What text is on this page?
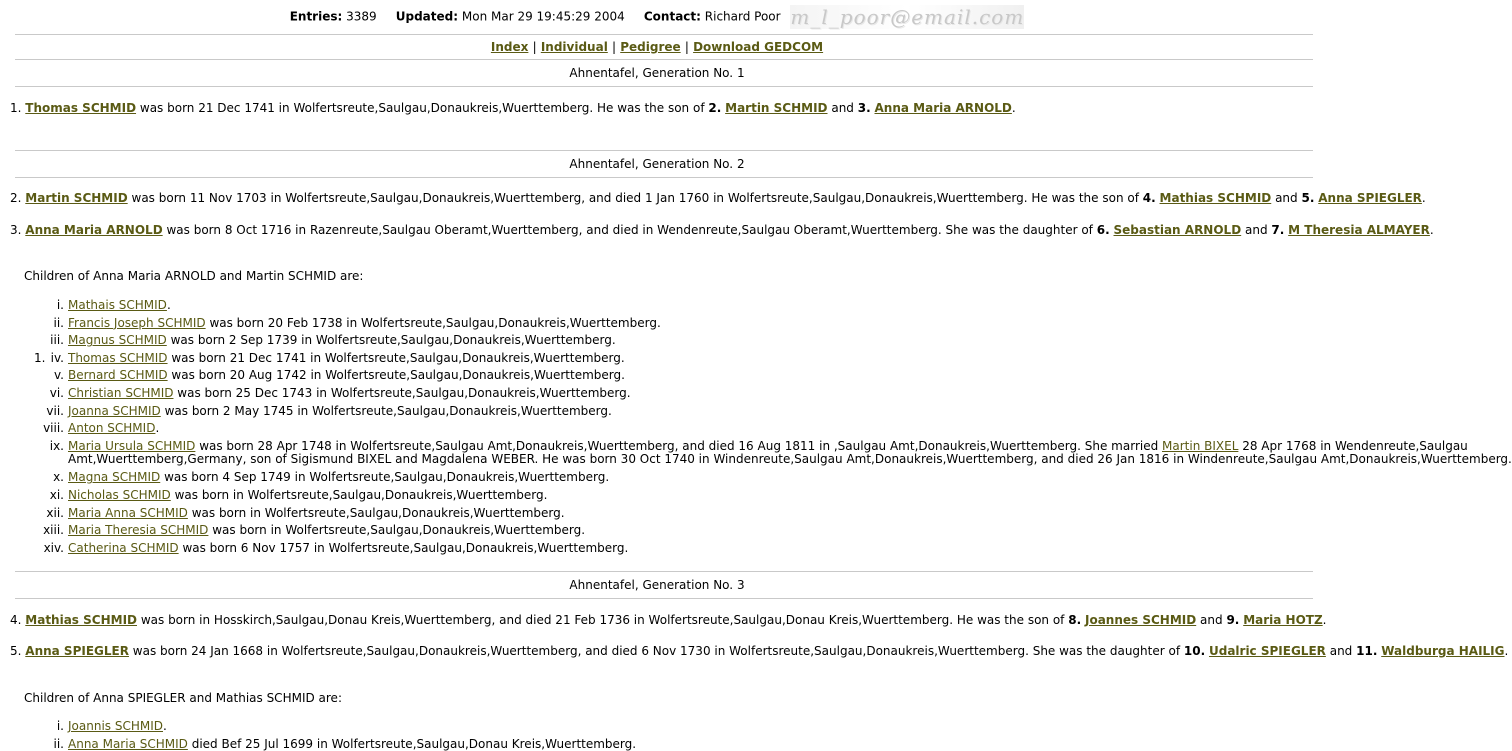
Entries: 3389 Updated: Mon Mar 29 19:45:29 2004 Contact: Richard Poor m_l_poor@email.com
Index | Individual | Pedigree | Download GEDCOM
Ahnentafel, Generation No. 1
1. Thomas SCHMID was born 21 Dec 1741 in Wolfertsreute,Saulgau,Donaukreis,Wuerttemberg. He was the son of 2. Martin SCHMID and 3. Anna Maria ARNOLD.
Ahnentafel, Generation No. 2
2. Martin SCHMID was born 11 Nov 1703 in Wolfertsreute,Saulgau,Donaukreis,Wuerttemberg, and died 1 Jan 1760 in Wolfertsreute,Saulgau,Donaukreis,Wuerttemberg. He was the son of 4. Mathias SCHMID and 5. Anna SPIEGLER.
3. Anna Maria ARNOLD was born 8 Oct 1716 in Razenreute,Saulgau Oberamt,Wuerttemberg, and died in Wendenreute,Saulgau Oberamt,Wuerttemberg. She was the daughter of 6. Sebastian ARNOLD and 7. M Theresia ALMAYER.
Children of Anna Maria ARNOLD and Martin SCHMID are:
i. Mathais SCHMID.
ii. Francis Joseph SCHMID was born 20 Feb 1738 in Wolfertsreute,Saulgau,Donaukreis,Wuerttemberg.
iii. Magnus SCHMID was born 2 Sep 1739 in Wolfertsreute,Saulgau,Donaukreis,Wuerttemberg.
1. iv. Thomas SCHMID was born 21 Dec 1741 in Wolfertsreute,Saulgau,Donaukreis,Wuerttemberg.
v. Bernard SCHMID was born 20 Aug 1742 in Wolfertsreute,Saulgau,Donaukreis,Wuerttemberg.
vi. Christian SCHMID was born 25 Dec 1743 in Wolfertsreute,Saulgau,Donaukreis,Wuerttemberg.
vii. Joanna SCHMID was born 2 May 1745 in Wolfertsreute,Saulgau,Donaukreis,Wuerttemberg.
viii. Anton SCHMID.
ix. Maria Ursula SCHMID was born 28 Apr 1748 in Wolfertsreute,Saulgau Amt,Donaukreis,Wuerttemberg, and died 16 Aug 1811 in ,Saulgau Amt,Donaukreis,Wuerttemberg. She married Martin BIXEL 28 Apr 1768 in Wendenreute,Saulgau
Amt,Wuerttemberg,Germany, son of Sigismund BIXEL and Magdalena WEBER. He was born 30 Oct 1740 in Windenreute,Saulgau Amt,Donaukreis,Wuerttemberg, and died 26 Jan 1816 in Windenreute,Saulgau Amt,Donaukreis,Wuerttemberg.
x. Magna SCHMID was born 4 Sep 1749 in Wolfertsreute,Saulgau,Donaukreis,Wuerttemberg.
xi. Nicholas SCHMID was born in Wolfertsreute,Saulgau,Donaukreis,Wuerttemberg.
xii. Maria Anna SCHMID was born in Wolfertsreute,Saulgau,Donaukreis,Wuerttemberg.
xiii. Maria Theresia SCHMID was born in Wolfertsreute,Saulgau,Donaukreis,Wuerttemberg.
xiv. Catherina SCHMID was born 6 Nov 1757 in Wolfertsreute,Saulgau,Donaukreis,Wuerttemberg.
Ahnentafel, Generation No. 3
4. Mathias SCHMID was born in Hosskirch,Saulgau,Donau Kreis,Wuerttemberg, and died 21 Feb 1736 in Wolfertsreute,Saulgau,Donau Kreis,Wuerttemberg. He was the son of 8. Joannes SCHMID and 9. Maria HOTZ.
5. Anna SPIEGLER was born 24 Jan 1668 in Wolfertsreute,Saulgau,Donaukreis,Wuerttemberg, and died 6 Nov 1730 in Wolfertsreute,Saulgau,Donaukreis,Wuerttemberg. She was the daughter of 10. Udalric SPIEGLER and 11. Waldburga HAILIG.
Children of Anna SPIEGLER and Mathias SCHMID are:
i. Joannis SCHMID.
ii. Anna Maria SCHMID died Bef 25 Jul 1699 in Wolfertsreute,Saulgau,Donau Kreis,Wuerttemberg.
